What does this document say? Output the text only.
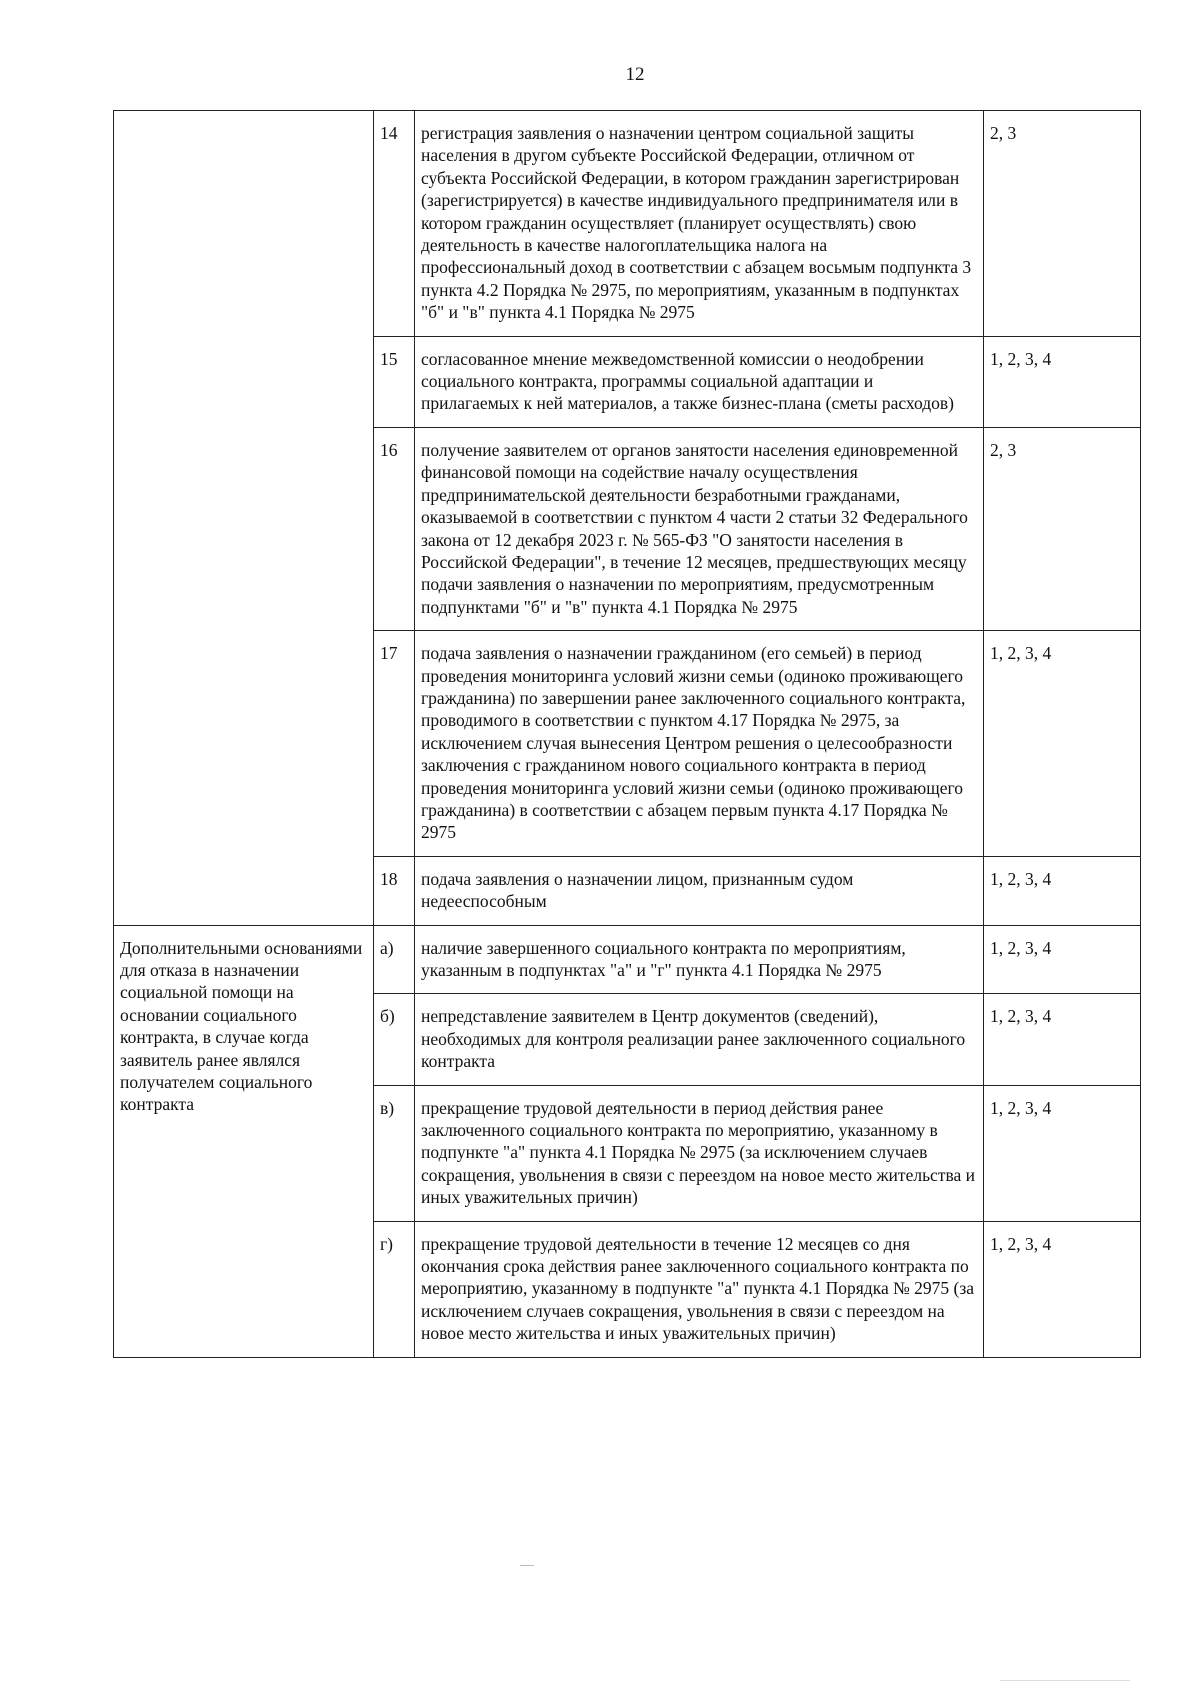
12
	14	регистрация заявления о назначении центром социальной защиты населения в другом субъекте Российской Федерации, отличном от субъекта Российской Федерации, в котором гражданин зарегистрирован (зарегистрируется) в качестве индивидуального предпринимателя или в котором гражданин осуществляет (планирует осуществлять) свою деятельность в качестве налогоплательщика налога на профессиональный доход в соответствии с абзацем восьмым подпункта 3 пункта 4.2 Порядка № 2975, по мероприятиям, указанным в подпунктах "б" и "в" пункта 4.1 Порядка № 2975	2, 3
	15	согласованное мнение межведомственной комиссии о неодобрении социального контракта, программы социальной адаптации и прилагаемых к ней материалов, а также бизнес-плана (сметы расходов)	1, 2, 3, 4
	16	получение заявителем от органов занятости населения единовременной финансовой помощи на содействие началу осуществления предпринимательской деятельности безработными гражданами, оказываемой в соответствии с пунктом 4 части 2 статьи 32 Федерального закона от 12 декабря 2023 г. № 565-ФЗ "О занятости населения в Российской Федерации", в течение 12 месяцев, предшествующих месяцу подачи заявления о назначении по мероприятиям, предусмотренным подпунктами "б" и "в" пункта 4.1 Порядка № 2975	2, 3
	17	подача заявления о назначении гражданином (его семьей) в период проведения мониторинга условий жизни семьи (одиноко проживающего гражданина) по завершении ранее заключенного социального контракта, проводимого в соответствии с пунктом 4.17 Порядка № 2975, за исключением случая вынесения Центром решения о целесообразности заключения с гражданином нового социального контракта в период проведения мониторинга условий жизни семьи (одиноко проживающего гражданина) в соответствии с абзацем первым пункта 4.17 Порядка № 2975	1, 2, 3, 4
	18	подача заявления о назначении лицом, признанным судом недееспособным	1, 2, 3, 4
Дополнительными основаниями для отказа в назначении социальной помощи на основании социального контракта, в случае когда заявитель ранее являлся получателем социального контракта	а)	наличие завершенного социального контракта по мероприятиям, указанным в подпунктах "а" и "г" пункта 4.1 Порядка № 2975	1, 2, 3, 4
	б)	непредставление заявителем в Центр документов (сведений), необходимых для контроля реализации ранее заключенного социального контракта	1, 2, 3, 4
	в)	прекращение трудовой деятельности в период действия ранее заключенного социального контракта по мероприятию, указанному в подпункте "а" пункта 4.1 Порядка № 2975 (за исключением случаев сокращения, увольнения в связи с переездом на новое место жительства и иных уважительных причин)	1, 2, 3, 4
	г)	прекращение трудовой деятельности в течение 12 месяцев со дня окончания срока действия ранее заключенного социального контракта по мероприятию, указанному в подпункте "а" пункта 4.1 Порядка № 2975 (за исключением случаев сокращения, увольнения в связи с переездом на новое место жительства и иных уважительных причин)	1, 2, 3, 4
